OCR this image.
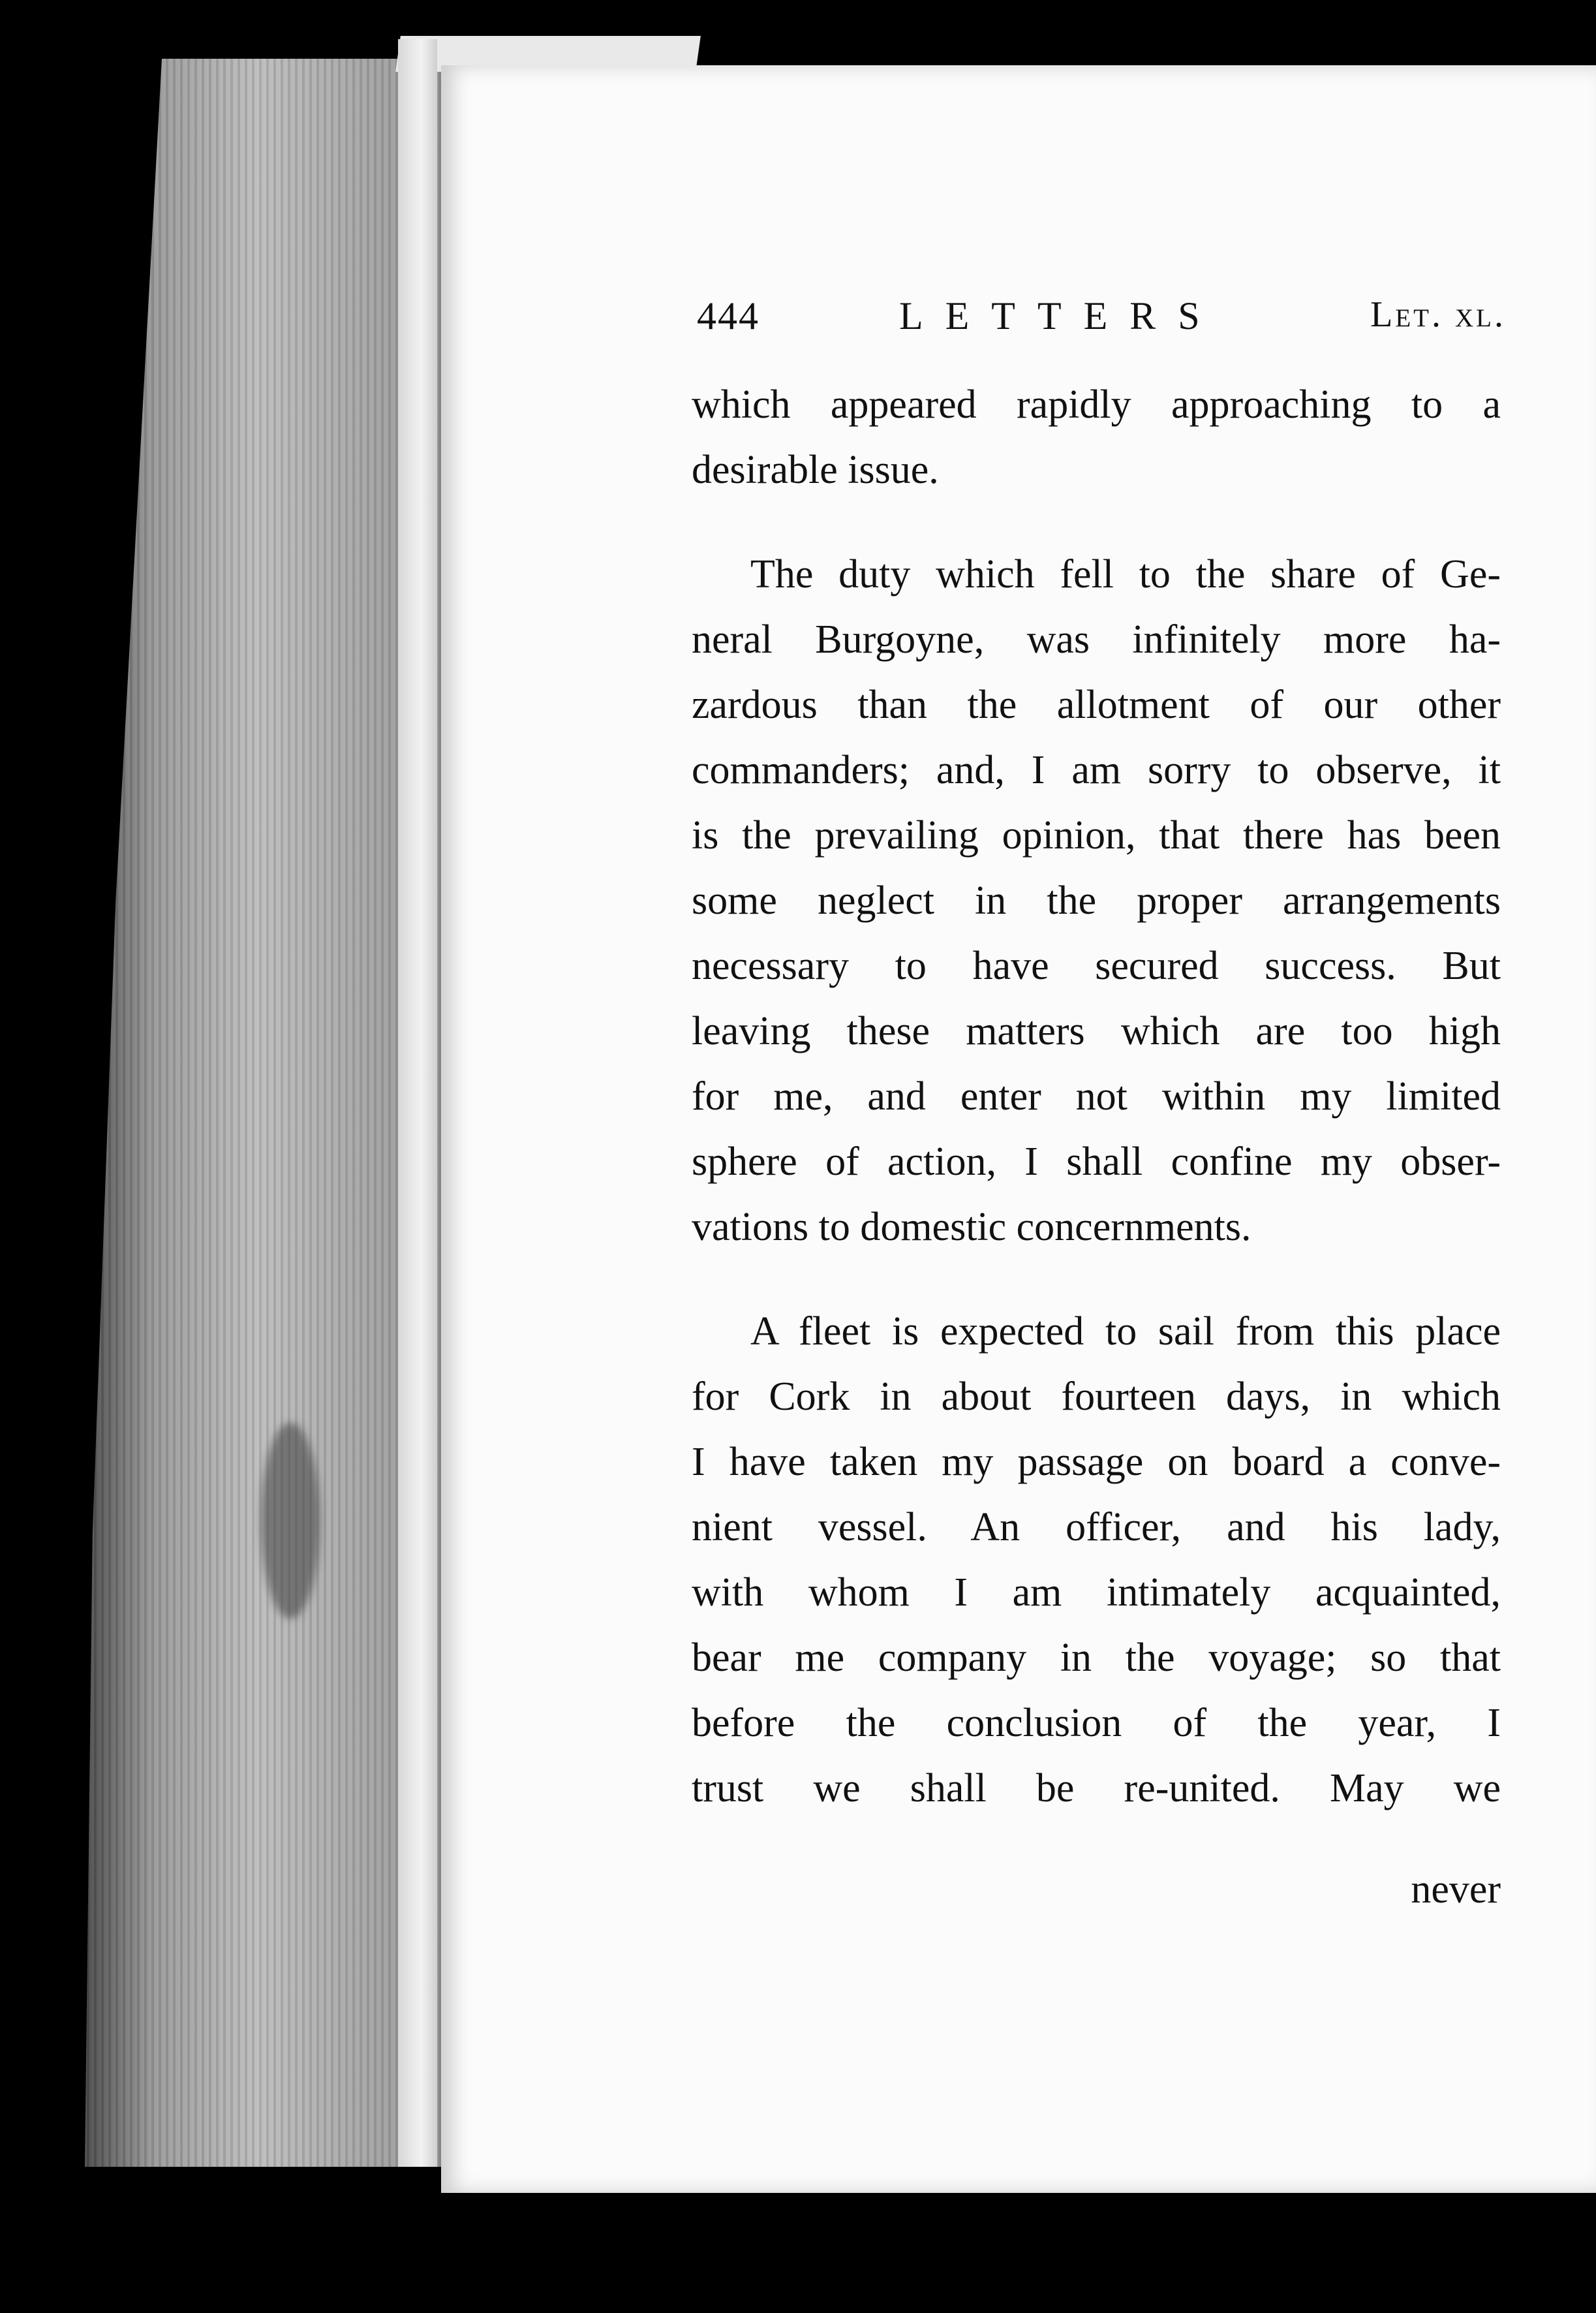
444	LETTERS	Let. xl.
which appeared rapidly approaching to a
desirable issue.
The duty which fell to the share of Ge-
neral Burgoyne, was infinitely more ha-
zardous than the allotment of our other
commanders; and, I am sorry to observe, it
is the prevailing opinion, that there has been
some neglect in the proper arrangements
necessary to have secured success. But
leaving these matters which are too high
for me, and enter not within my limited
sphere of action, I shall confine my obser-
vations to domestic concernments.
A fleet is expected to sail from this place
for Cork in about fourteen days, in which
I have taken my passage on board a conve-
nient vessel. An officer, and his lady,
with whom I am intimately acquainted,
bear me company in the voyage; so that
before the conclusion of the year, I
trust we shall be re-united. May we
never
